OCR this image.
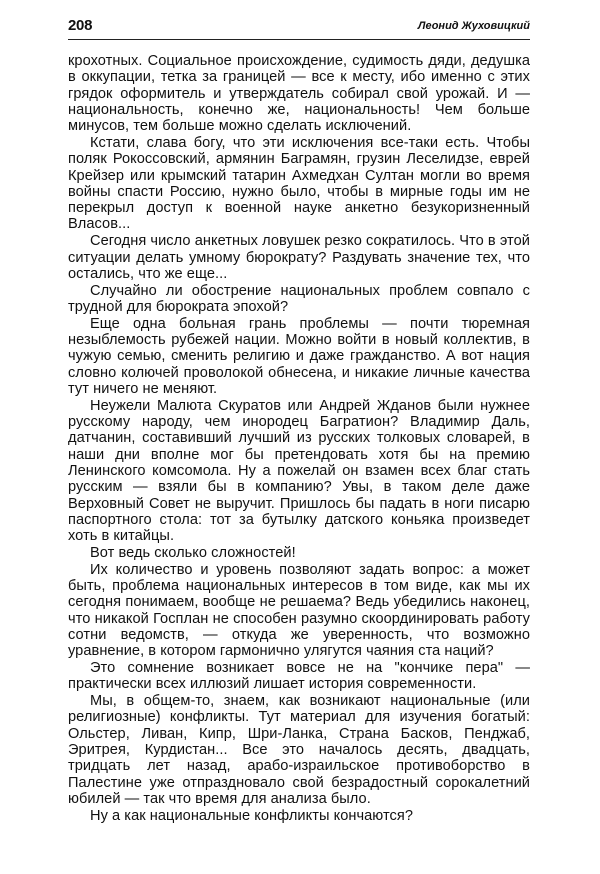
208	Леонид Жуховицкий

крохотных. Социальное происхождение, судимость дяди, дедушка в оккупации, тетка за границей — все к месту, ибо именно с этих грядок оформитель и утверждатель собирал свой урожай. И — национальность, конечно же, национальность! Чем больше минусов, тем больше можно сделать исключений.

Кстати, слава богу, что эти исключения все-таки есть. Чтобы поляк Рокоссовский, армянин Баграмян, грузин Леселидзе, еврей Крейзер или крымский татарин Ахмедхан Султан могли во время войны спасти Россию, нужно было, чтобы в мирные годы им не перекрыл доступ к военной науке анкетно безукоризненный Власов...

Сегодня число анкетных ловушек резко сократилось. Что в этой ситуации делать умному бюрократу? Раздувать значение тех, что остались, что же еще...

Случайно ли обострение национальных проблем совпало с трудной для бюрократа эпохой?

Еще одна больная грань проблемы — почти тюремная незыблемость рубежей нации. Можно войти в новый коллектив, в чужую семью, сменить религию и даже гражданство. А вот нация словно колючей проволокой обнесена, и никакие личные качества тут ничего не меняют.

Неужели Малюта Скуратов или Андрей Жданов были нужнее русскому народу, чем инородец Багратион? Владимир Даль, датчанин, составивший лучший из русских толковых словарей, в наши дни вполне мог бы претендовать хотя бы на премию Ленинского комсомола. Ну а пожелай он взамен всех благ стать русским — взяли бы в компанию? Увы, в таком деле даже Верховный Совет не выручит. Пришлось бы падать в ноги писарю паспортного стола: тот за бутылку датского коньяка произведет хоть в китайцы.

Вот ведь сколько сложностей!

Их количество и уровень позволяют задать вопрос: а может быть, проблема национальных интересов в том виде, как мы их сегодня понимаем, вообще не решаема? Ведь убедились наконец, что никакой Госплан не способен разумно скоординировать работу сотни ведомств, — откуда же уверенность, что возможно уравнение, в котором гармонично улягутся чаяния ста наций?

Это сомнение возникает вовсе не на "кончике пера" — практически всех иллюзий лишает история современности.

Мы, в общем-то, знаем, как возникают национальные (или религиозные) конфликты. Тут материал для изучения богатый: Ольстер, Ливан, Кипр, Шри-Ланка, Страна Басков, Пенджаб, Эритрея, Курдистан... Все это началось десять, двадцать, тридцать лет назад, арабо-израильское противоборство в Палестине уже отпраздновало свой безрадостный сорокалетний юбилей — так что время для анализа было.

Ну а как национальные конфликты кончаются?
